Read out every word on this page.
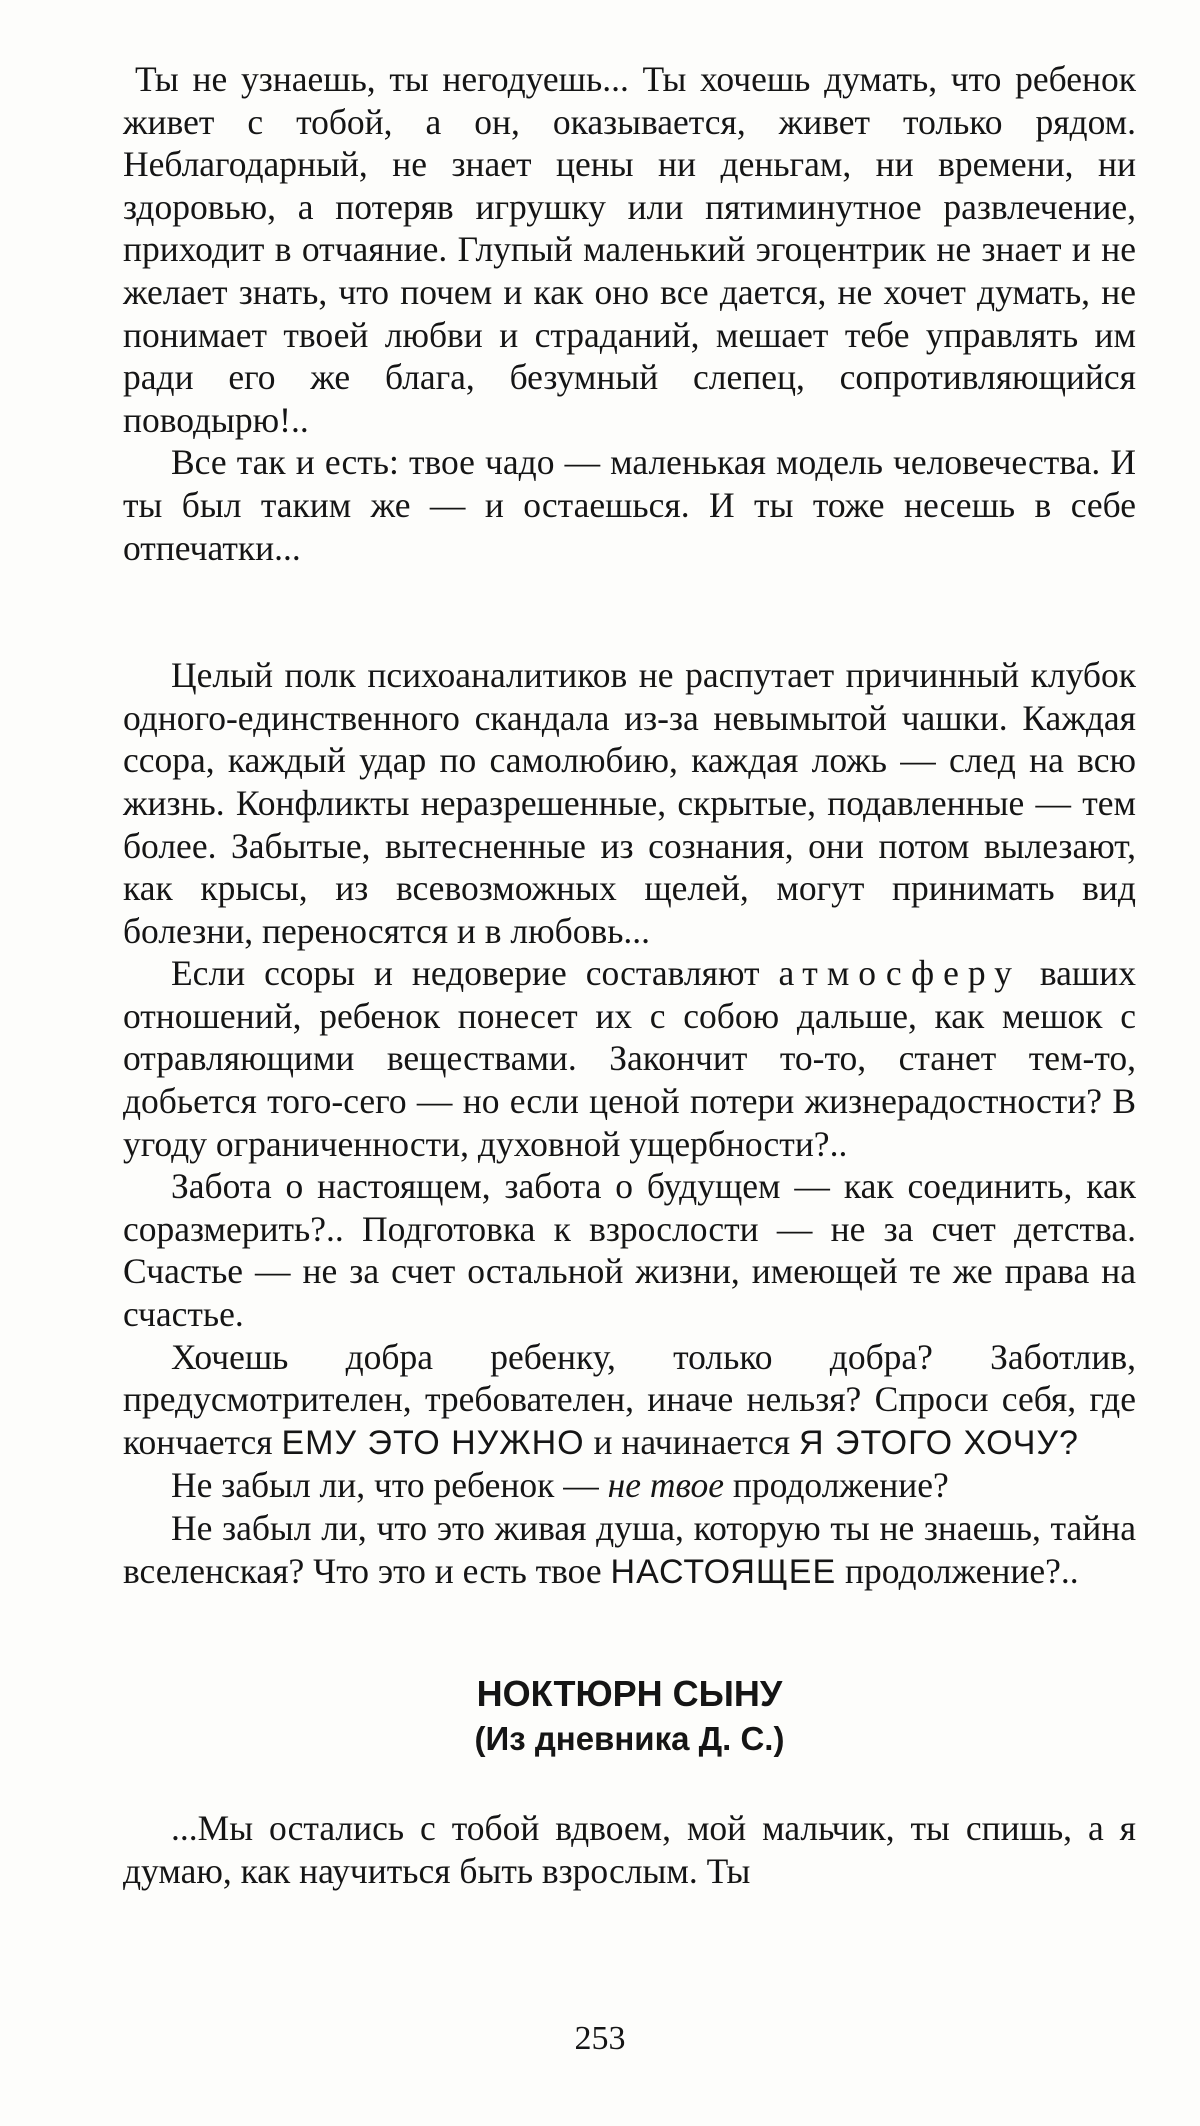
Ты не узнаешь, ты негодуешь... Ты хочешь думать, что ребенок живет с тобой, а он, оказывается, живет только рядом. Неблагодарный, не знает цены ни деньгам, ни времени, ни здоровью, а потеряв игрушку или пятиминутное развлечение, приходит в отчаяние. Глупый маленький эгоцентрик не знает и не желает знать, что почем и как оно все дается, не хочет думать, не понимает твоей любви и страданий, мешает тебе управлять им ради его же блага, безумный слепец, сопротивляющийся поводырю!..

Все так и есть: твое чадо — маленькая модель человечества. И ты был таким же — и остаешься. И ты тоже несешь в себе отпечатки...

Целый полк психоаналитиков не распутает причинный клубок одного-единственного скандала из-за невымытой чашки. Каждая ссора, каждый удар по самолюбию, каждая ложь — след на всю жизнь. Конфликты неразрешенные, скрытые, подавленные — тем более. Забытые, вытесненные из сознания, они потом вылезают, как крысы, из всевозможных щелей, могут принимать вид болезни, переносятся и в любовь...

Если ссоры и недоверие составляют атмосферу ваших отношений, ребенок понесет их с собою дальше, как мешок с отравляющими веществами. Закончит то-то, станет тем-то, добьется того-сего — но если ценой потери жизнерадостности? В угоду ограниченности, духовной ущербности?..

Забота о настоящем, забота о будущем — как соединить, как соразмерить?.. Подготовка к взрослости — не за счет детства. Счастье — не за счет остальной жизни, имеющей те же права на счастье.

Хочешь добра ребенку, только добра? Заботлив, предусмотрителен, требователен, иначе нельзя? Спроси себя, где кончается ЕМУ ЭТО НУЖНО и начинается Я ЭТОГО ХОЧУ?

Не забыл ли, что ребенок — не твое продолжение?

Не забыл ли, что это живая душа, которую ты не знаешь, тайна вселенская? Что это и есть твое НАСТОЯЩЕЕ продолжение?..

НОКТЮРН СЫНУ

(Из дневника Д. С.)

...Мы остались с тобой вдвоем, мой мальчик, ты спишь, а я думаю, как научиться быть взрослым. Ты

253
